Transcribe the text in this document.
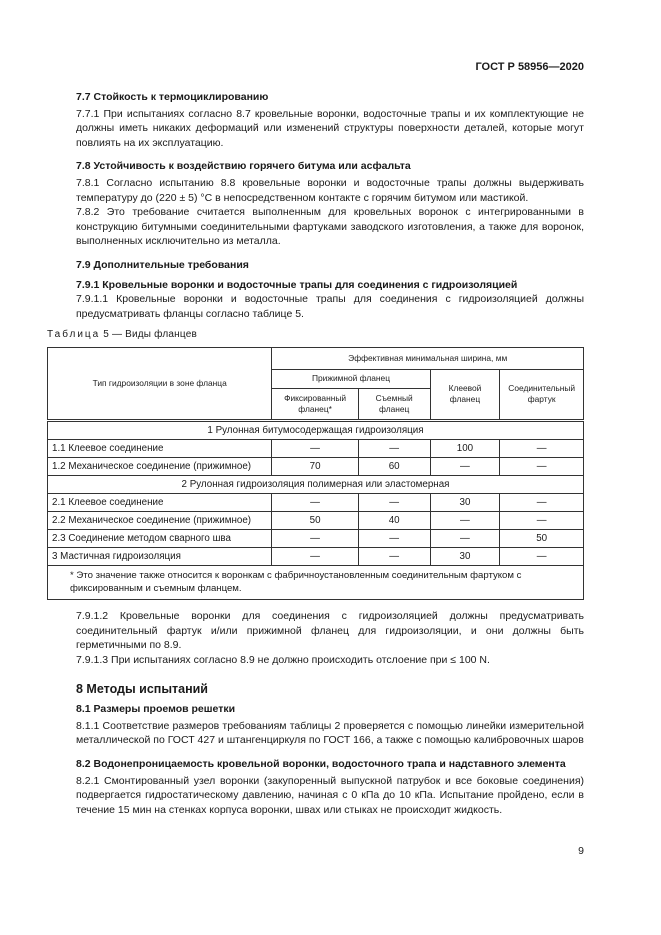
ГОСТ Р 58956—2020
7.7 Стойкость к термоциклированию

7.7.1 При испытаниях согласно 8.7 кровельные воронки, водосточные трапы и их комплектующие не должны иметь никаких деформаций или изменений структуры поверхности деталей, которые могут повлиять на их эксплуатацию.

7.8 Устойчивость к воздействию горячего битума или асфальта

7.8.1 Согласно испытанию 8.8 кровельные воронки и водосточные трапы должны выдерживать температуру до (220 ± 5) °С в непосредственном контакте с горячим битумом или мастикой.

7.8.2 Это требование считается выполненным для кровельных воронок с интегрированными в конструкцию битумными соединительными фартуками заводского изготовления, а также для воронок, выполненных исключительно из металла.

7.9 Дополнительные требования
7.9.1 Кровельные воронки и водосточные трапы для соединения с гидроизоляцией

7.9.1.1 Кровельные воронки и водосточные трапы для соединения с гидроизоляцией должны предусматривать фланцы согласно таблице 5.

Таблица 5 — Виды фланцев
Тип гидроизоляции в зоне фланца	Эффективная минимальная ширина, мм			
	Прижимной фланец		Клеевой фланец	Соединительный фартук
	Фиксированный фланец*	Съемный фланец		
1 Рулонная битумосодержащая гидроизоляция				
1.1 Клеевое соединение	—	—	100	—
1.2 Механическое соединение (прижимное)	70	60	—	—
2 Рулонная гидроизоляция полимерная или эластомерная				
2.1 Клеевое соединение	—	—	30	—
2.2 Механическое соединение (прижимное)	50	40	—	—
2.3 Соединение методом сварного шва	—	—	—	50
3 Мастичная гидроизоляция	—	—	30	—
* Это значение также относится к воронкам с фабричноустановленным соединительным фартуком с фиксированным и съемным фланцем.				

7.9.1.2 Кровельные воронки для соединения с гидроизоляцией должны предусматривать соединительный фартук и/или прижимной фланец для гидроизоляции, и они должны быть герметичными по 8.9.

7.9.1.3 При испытаниях согласно 8.9 не должно происходить отслоение при ≤ 100 N.

8 Методы испытаний
8.1 Размеры проемов решетки

8.1.1 Соответствие размеров требованиям таблицы 2 проверяется с помощью линейки измерительной металлической по ГОСТ 427 и штангенциркуля по ГОСТ 166, а также с помощью калибровочных шаров

8.2 Водонепроницаемость кровельной воронки, водосточного трапа и надставного элемента

8.2.1 Смонтированный узел воронки (закупоренный выпускной патрубок и все боковые соединения) подвергается гидростатическому давлению, начиная с 0 кПа до 10 кПа. Испытание пройдено, если в течение 15 мин на стенках корпуса воронки, швах или стыках не происходит жидкость.

9
